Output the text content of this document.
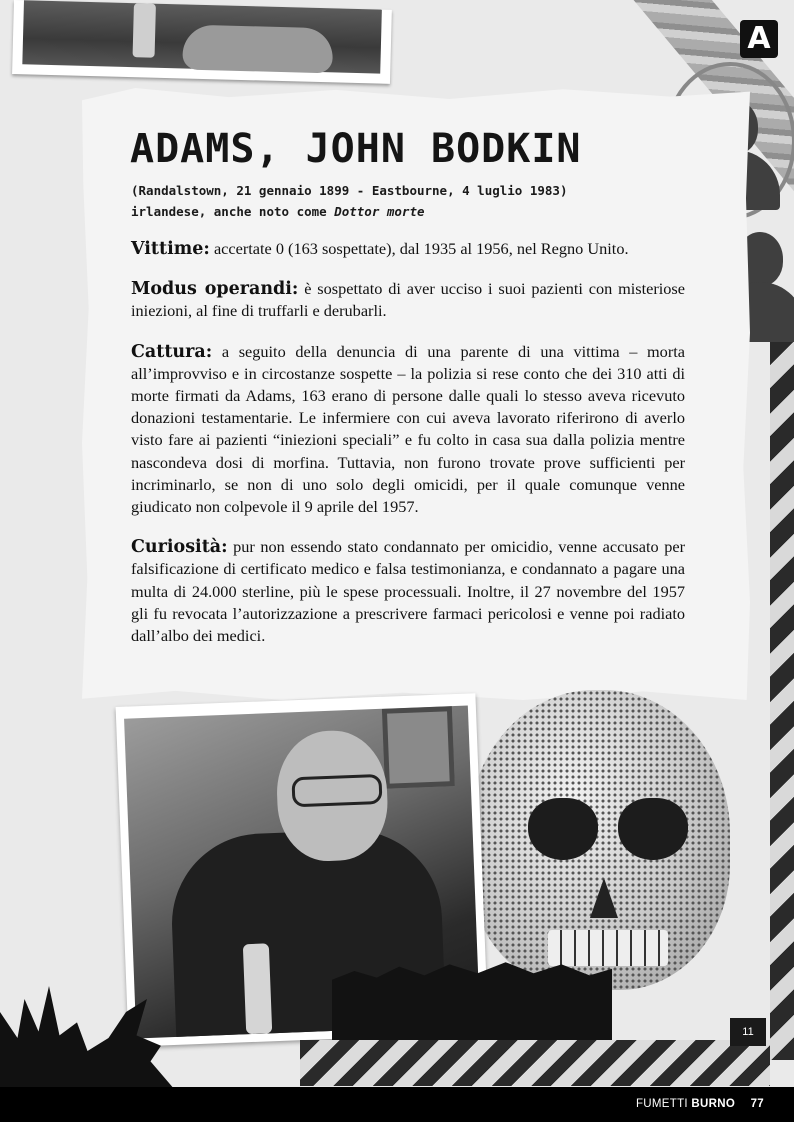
A
ADAMS, JOHN BODKIN
(Randalstown, 21 gennaio 1899 - Eastbourne, 4 luglio 1983)
irlandese, anche noto come Dottor morte

Vittime: accertate 0 (163 sospettate), dal 1935 al 1956, nel Regno Unito.

Modus operandi: è sospettato di aver ucciso i suoi pazienti con misteriose iniezioni, al fine di truffarli e derubarli.

Cattura: a seguito della denuncia di una parente di una vittima – morta all’improvviso e in circostanze sospette – la polizia si rese conto che dei 310 atti di morte firmati da Adams, 163 erano di persone dalle quali lo stesso aveva ricevuto donazioni testamentarie. Le infermiere con cui aveva lavorato riferirono di averlo visto fare ai pazienti “iniezioni speciali” e fu colto in casa sua dalla polizia mentre nascondeva dosi di morfina. Tuttavia, non furono trovate prove sufficienti per incriminarlo, se non di uno solo degli omicidi, per il quale comunque venne giudicato non colpevole il 9 aprile del 1957.

Curiosità: pur non essendo stato condannato per omicidio, venne accusato per falsificazione di certificato medico e falsa testimonianza, e condannato a pagare una multa di 24.000 sterline, più le spese processuali. Inoltre, il 27 novembre del 1957 gli fu revocata l’autorizzazione a prescrivere farmaci pericolosi e venne poi radiato dall’albo dei medici.

11
FUMETTI BURNO 77
